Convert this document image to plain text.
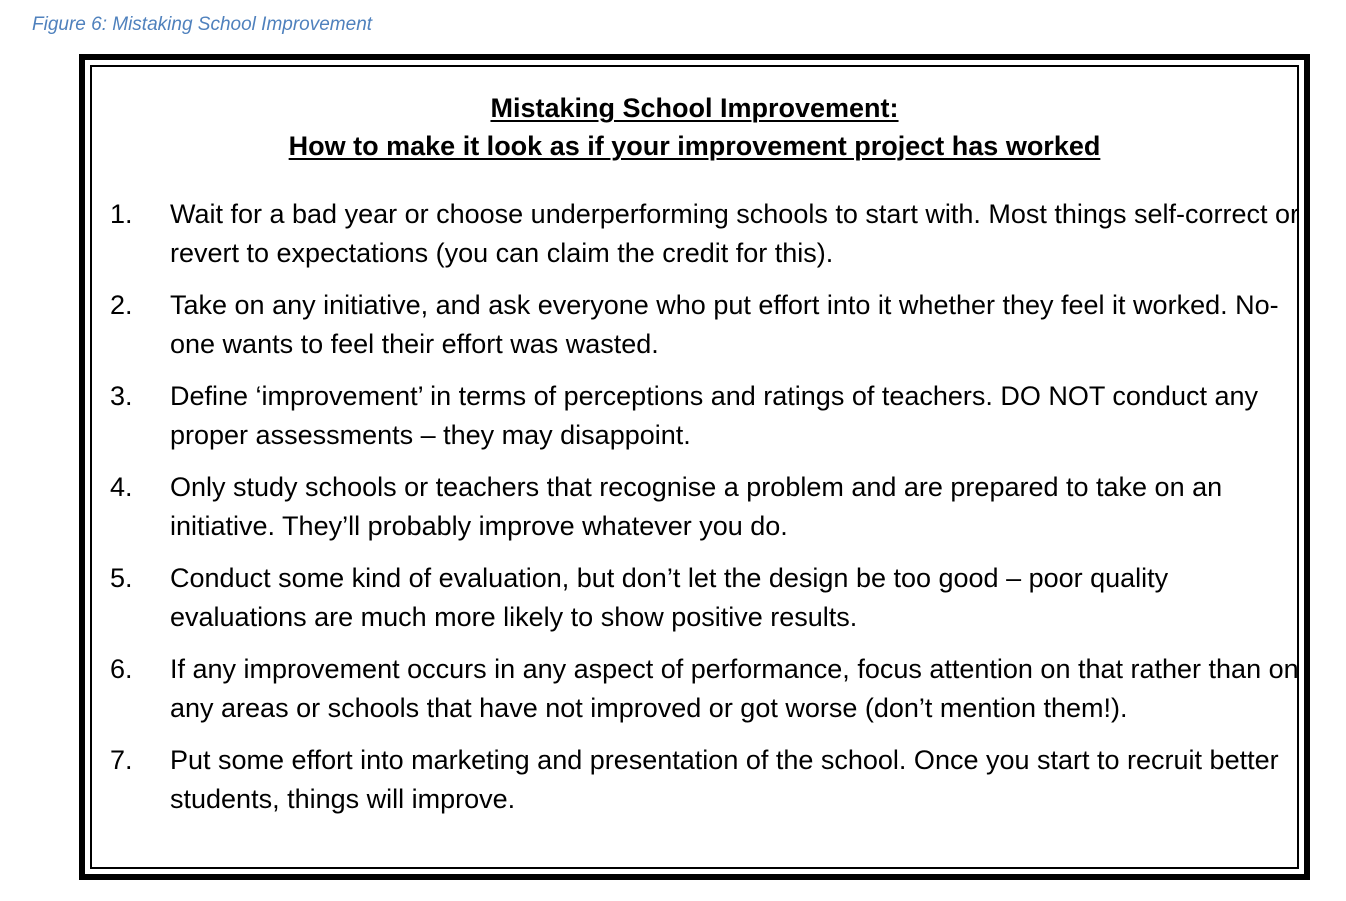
Figure 6: Mistaking School Improvement
Mistaking School Improvement:
How to make it look as if your improvement project has worked
1.	Wait for a bad year or choose underperforming schools to start with. Most things self-correct or revert to expectations (you can claim the credit for this).
2.	Take on any initiative, and ask everyone who put effort into it whether they feel it worked. No-one wants to feel their effort was wasted.
3.	Define ‘improvement’ in terms of perceptions and ratings of teachers. DO NOT conduct any proper assessments – they may disappoint.
4.	Only study schools or teachers that recognise a problem and are prepared to take on an initiative. They’ll probably improve whatever you do.
5.	Conduct some kind of evaluation, but don’t let the design be too good – poor quality evaluations are much more likely to show positive results.
6.	If any improvement occurs in any aspect of performance, focus attention on that rather than on any areas or schools that have not improved or got worse (don’t mention them!).
7.	Put some effort into marketing and presentation of the school. Once you start to recruit better students, things will improve.
